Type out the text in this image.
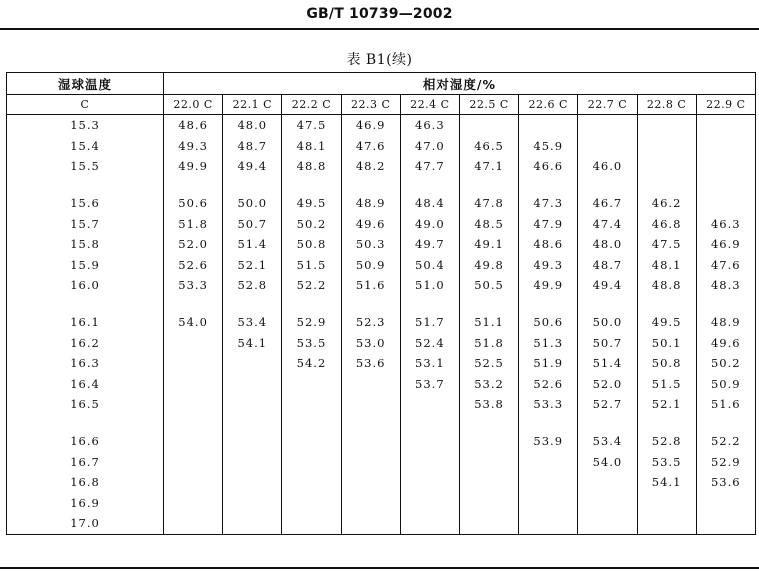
GB/T 10739—2002
表 B1(续)
湿球温度	相对湿度/%									
C	22.0 C	22.1 C	22.2 C	22.3 C	22.4 C	22.5 C	22.6 C	22.7 C	22.8 C	22.9 C
15.3	48.6	48.0	47.5	46.9	46.3					
15.4	49.3	48.7	48.1	47.6	47.0	46.5	45.9			
15.5	49.9	49.4	48.8	48.2	47.7	47.1	46.6	46.0		

15.6	50.6	50.0	49.5	48.9	48.4	47.8	47.3	46.7	46.2	
15.7	51.8	50.7	50.2	49.6	49.0	48.5	47.9	47.4	46.8	46.3
15.8	52.0	51.4	50.8	50.3	49.7	49.1	48.6	48.0	47.5	46.9
15.9	52.6	52.1	51.5	50.9	50.4	49.8	49.3	48.7	48.1	47.6
16.0	53.3	52.8	52.2	51.6	51.0	50.5	49.9	49.4	48.8	48.3

16.1	54.0	53.4	52.9	52.3	51.7	51.1	50.6	50.0	49.5	48.9
16.2		54.1	53.5	53.0	52.4	51.8	51.3	50.7	50.1	49.6
16.3			54.2	53.6	53.1	52.5	51.9	51.4	50.8	50.2
16.4					53.7	53.2	52.6	52.0	51.5	50.9
16.5						53.8	53.3	52.7	52.1	51.6

16.6							53.9	53.4	52.8	52.2
16.7								54.0	53.5	52.9
16.8									54.1	53.6
16.9										
17.0										
